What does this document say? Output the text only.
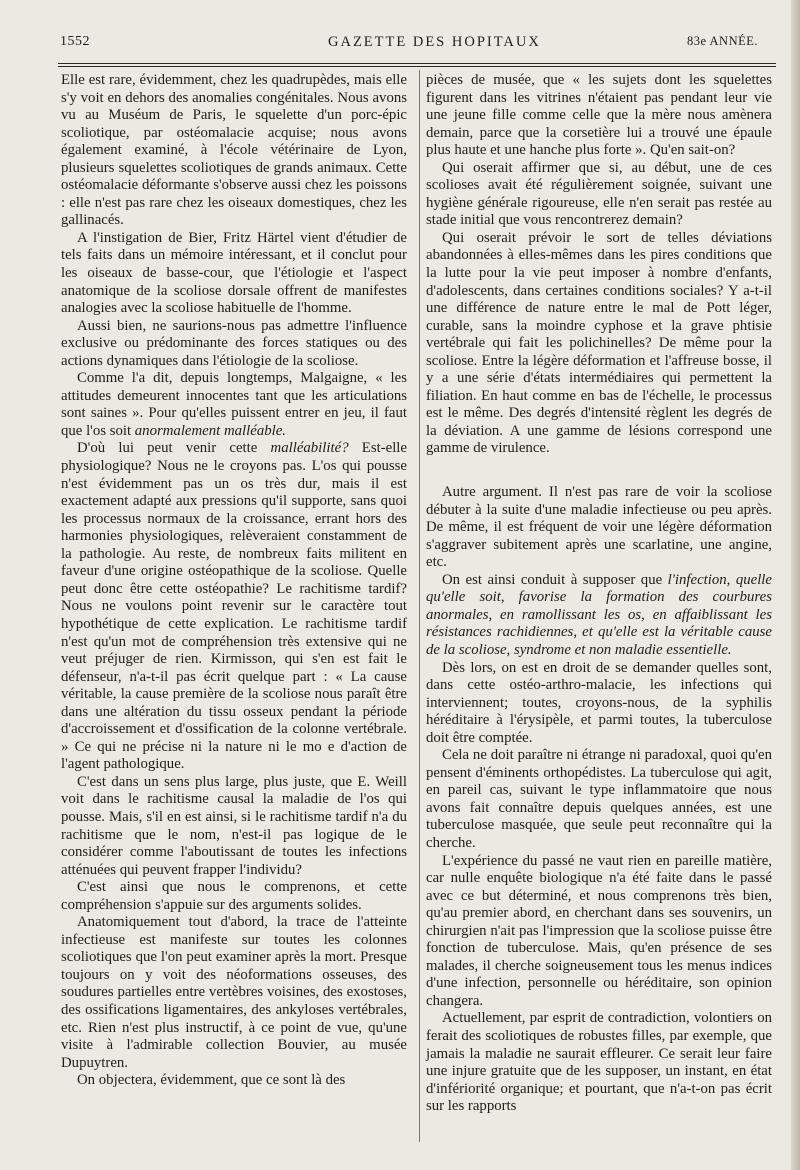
1552	GAZETTE DES HOPITAUX	83e ANNÉE.

Elle est rare, évidemment, chez les quadrupèdes, mais elle s'y voit en dehors des anomalies congénitales. Nous avons vu au Muséum de Paris, le squelette d'un porc-épic scoliotique, par ostéomalacie acquise; nous avons également examiné, à l'école vétérinaire de Lyon, plusieurs squelettes scoliotiques de grands animaux. Cette ostéomalacie déformante s'observe aussi chez les poissons : elle n'est pas rare chez les oiseaux domestiques, chez les gallinacés.

A l'instigation de Bier, Fritz Härtel vient d'étudier de tels faits dans un mémoire intéressant, et il conclut pour les oiseaux de basse-cour, que l'étiologie et l'aspect anatomique de la scoliose dorsale offrent de manifestes analogies avec la scoliose habituelle de l'homme.

Aussi bien, ne saurions-nous pas admettre l'influence exclusive ou prédominante des forces statiques ou des actions dynamiques dans l'étiologie de la scoliose.

Comme l'a dit, depuis longtemps, Malgaigne, « les attitudes demeurent innocentes tant que les articulations sont saines ». Pour qu'elles puissent entrer en jeu, il faut que l'os soit anormalement malléable.

D'où lui peut venir cette malléabilité? Est-elle physiologique? Nous ne le croyons pas. L'os qui pousse n'est évidemment pas un os très dur, mais il est exactement adapté aux pressions qu'il supporte, sans quoi les processus normaux de la croissance, errant hors des harmonies physiologiques, relèveraient constamment de la pathologie. Au reste, de nombreux faits militent en faveur d'une origine ostéopathique de la scoliose. Quelle peut donc être cette ostéopathie? Le rachitisme tardif? Nous ne voulons point revenir sur le caractère tout hypothétique de cette explication. Le rachitisme tardif n'est qu'un mot de compréhension très extensive qui ne veut préjuger de rien. Kirmisson, qui s'en est fait le défenseur, n'a-t-il pas écrit quelque part : « La cause véritable, la cause première de la scoliose nous paraît être dans une altération du tissu osseux pendant la période d'accroissement et d'ossification de la colonne vertébrale. » Ce qui ne précise ni la nature ni le mo e d'action de l'agent pathologique.

C'est dans un sens plus large, plus juste, que E. Weill voit dans le rachitisme causal la maladie de l'os qui pousse. Mais, s'il en est ainsi, si le rachitisme tardif n'a du rachitisme que le nom, n'est-il pas logique de le considérer comme l'aboutissant de toutes les infections atténuées qui peuvent frapper l'individu?

C'est ainsi que nous le comprenons, et cette compréhension s'appuie sur des arguments solides.

Anatomiquement tout d'abord, la trace de l'atteinte infectieuse est manifeste sur toutes les colonnes scoliotiques que l'on peut examiner après la mort. Presque toujours on y voit des néoformations osseuses, des soudures partielles entre vertèbres voisines, des exostoses, des ossifications ligamentaires, des ankyloses vertébrales, etc. Rien n'est plus instructif, à ce point de vue, qu'une visite à l'admirable collection Bouvier, au musée Dupuytren.

On objectera, évidemment, que ce sont là des

pièces de musée, que « les sujets dont les squelettes figurent dans les vitrines n'étaient pas pendant leur vie une jeune fille comme celle que la mère nous amènera demain, parce que la corsetière lui a trouvé une épaule plus haute et une hanche plus forte ». Qu'en sait-on?

Qui oserait affirmer que si, au début, une de ces scolioses avait été régulièrement soignée, suivant une hygiène générale rigoureuse, elle n'en serait pas restée au stade initial que vous rencontrerez demain?

Qui oserait prévoir le sort de telles déviations abandonnées à elles-mêmes dans les pires conditions que la lutte pour la vie peut imposer à nombre d'enfants, d'adolescents, dans certaines conditions sociales? Y a-t-il une différence de nature entre le mal de Pott léger, curable, sans la moindre cyphose et la grave phtisie vertébrale qui fait les polichinelles? De même pour la scoliose. Entre la légère déformation et l'affreuse bosse, il y a une série d'états intermédiaires qui permettent la filiation. En haut comme en bas de l'échelle, le processus est le même. Des degrés d'intensité règlent les degrés de la déviation. A une gamme de lésions correspond une gamme de virulence.

Autre argument. Il n'est pas rare de voir la scoliose débuter à la suite d'une maladie infectieuse ou peu après. De même, il est fréquent de voir une légère déformation s'aggraver subitement après une scarlatine, une angine, etc.

On est ainsi conduit à supposer que l'infection, quelle qu'elle soit, favorise la formation des courbures anormales, en ramollissant les os, en affaiblissant les résistances rachidiennes, et qu'elle est la véritable cause de la scoliose, syndrome et non maladie essentielle.

Dès lors, on est en droit de se demander quelles sont, dans cette ostéo-arthro-malacie, les infections qui interviennent; toutes, croyons-nous, de la syphilis héréditaire à l'érysipèle, et parmi toutes, la tuberculose doit être comptée.

Cela ne doit paraître ni étrange ni paradoxal, quoi qu'en pensent d'éminents orthopédistes. La tuberculose qui agit, en pareil cas, suivant le type inflammatoire que nous avons fait connaître depuis quelques années, est une tuberculose masquée, que seule peut reconnaître qui la cherche.

L'expérience du passé ne vaut rien en pareille matière, car nulle enquête biologique n'a été faite dans le passé avec ce but déterminé, et nous comprenons très bien, qu'au premier abord, en cherchant dans ses souvenirs, un chirurgien n'ait pas l'impression que la scoliose puisse être fonction de tuberculose. Mais, qu'en présence de ses malades, il cherche soigneusement tous les menus indices d'une infection, personnelle ou héréditaire, son opinion changera.

Actuellement, par esprit de contradiction, volontiers on ferait des scoliotiques de robustes filles, par exemple, que jamais la maladie ne saurait effleurer. Ce serait leur faire une injure gratuite que de les supposer, un instant, en état d'infériorité organique; et pourtant, que n'a-t-on pas écrit sur les rapports
